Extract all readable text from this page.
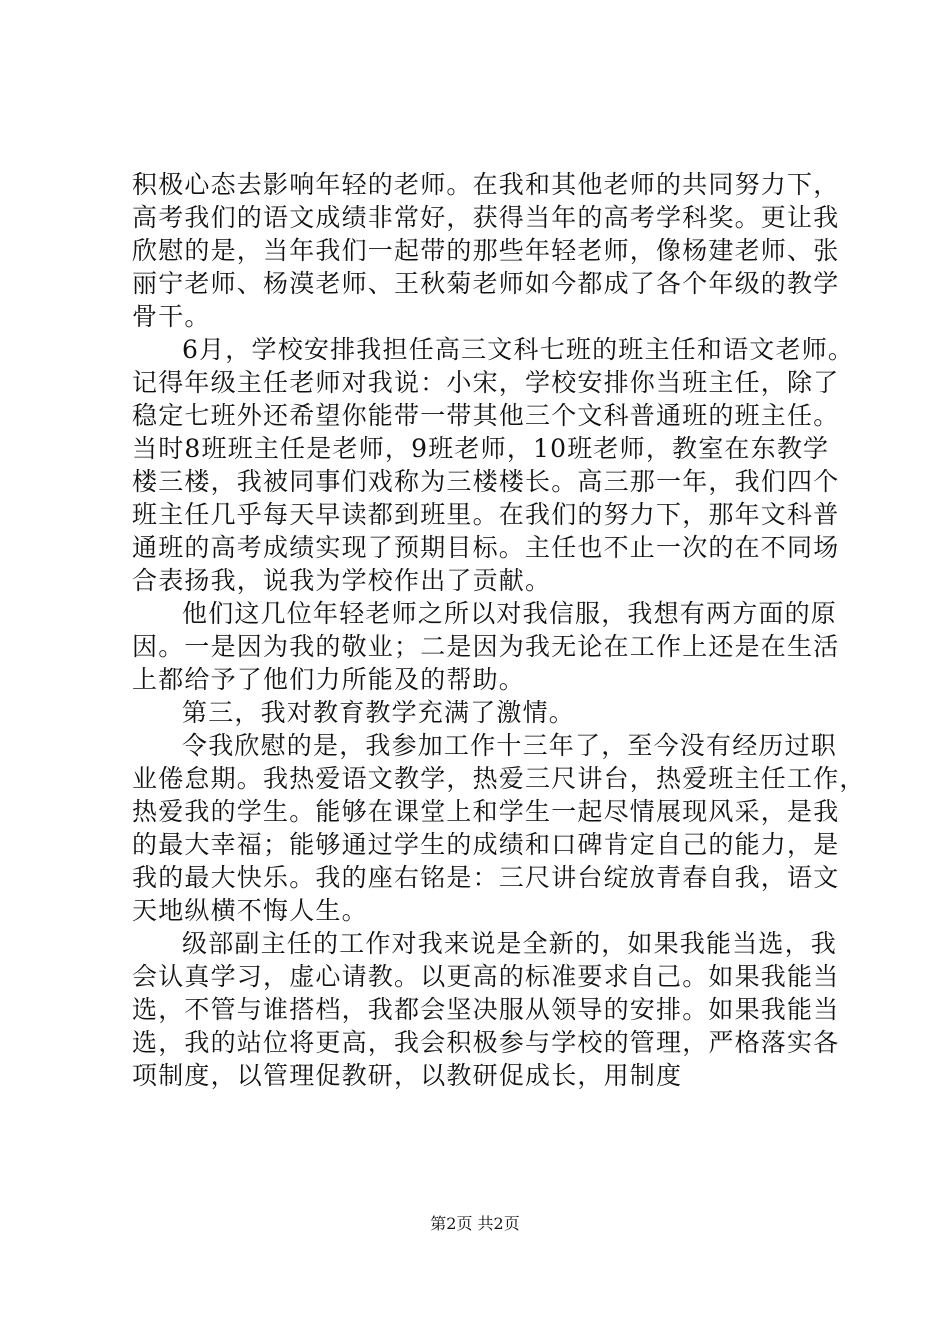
积极心态去影响年轻的老师。在我和其他老师的共同努力下，
高考我们的语文成绩非常好，获得当年的高考学科奖。更让我
欣慰的是，当年我们一起带的那些年轻老师，像杨建老师、张
丽宁老师、杨漠老师、王秋菊老师如今都成了各个年级的教学
骨干。
6月，学校安排我担任高三文科七班的班主任和语文老师。
记得年级主任老师对我说：小宋，学校安排你当班主任，除了
稳定七班外还希望你能带一带其他三个文科普通班的班主任。
当时8班班主任是老师，9班老师，10班老师，教室在东教学
楼三楼，我被同事们戏称为三楼楼长。高三那一年，我们四个
班主任几乎每天早读都到班里。在我们的努力下，那年文科普
通班的高考成绩实现了预期目标。主任也不止一次的在不同场
合表扬我，说我为学校作出了贡献。
他们这几位年轻老师之所以对我信服，我想有两方面的原
因。一是因为我的敬业；二是因为我无论在工作上还是在生活
上都给予了他们力所能及的帮助。
第三，我对教育教学充满了激情。
令我欣慰的是，我参加工作十三年了，至今没有经历过职
业倦怠期。我热爱语文教学，热爱三尺讲台，热爱班主任工作，
热爱我的学生。能够在课堂上和学生一起尽情展现风采，是我
的最大幸福；能够通过学生的成绩和口碑肯定自己的能力，是
我的最大快乐。我的座右铭是：三尺讲台绽放青春自我，语文
天地纵横不悔人生。
级部副主任的工作对我来说是全新的，如果我能当选，我
会认真学习，虚心请教。以更高的标准要求自己。如果我能当
选，不管与谁搭档，我都会坚决服从领导的安排。如果我能当
选，我的站位将更高，我会积极参与学校的管理，严格落实各
项制度，以管理促教研，以教研促成长，用制度
第2页 共2页
